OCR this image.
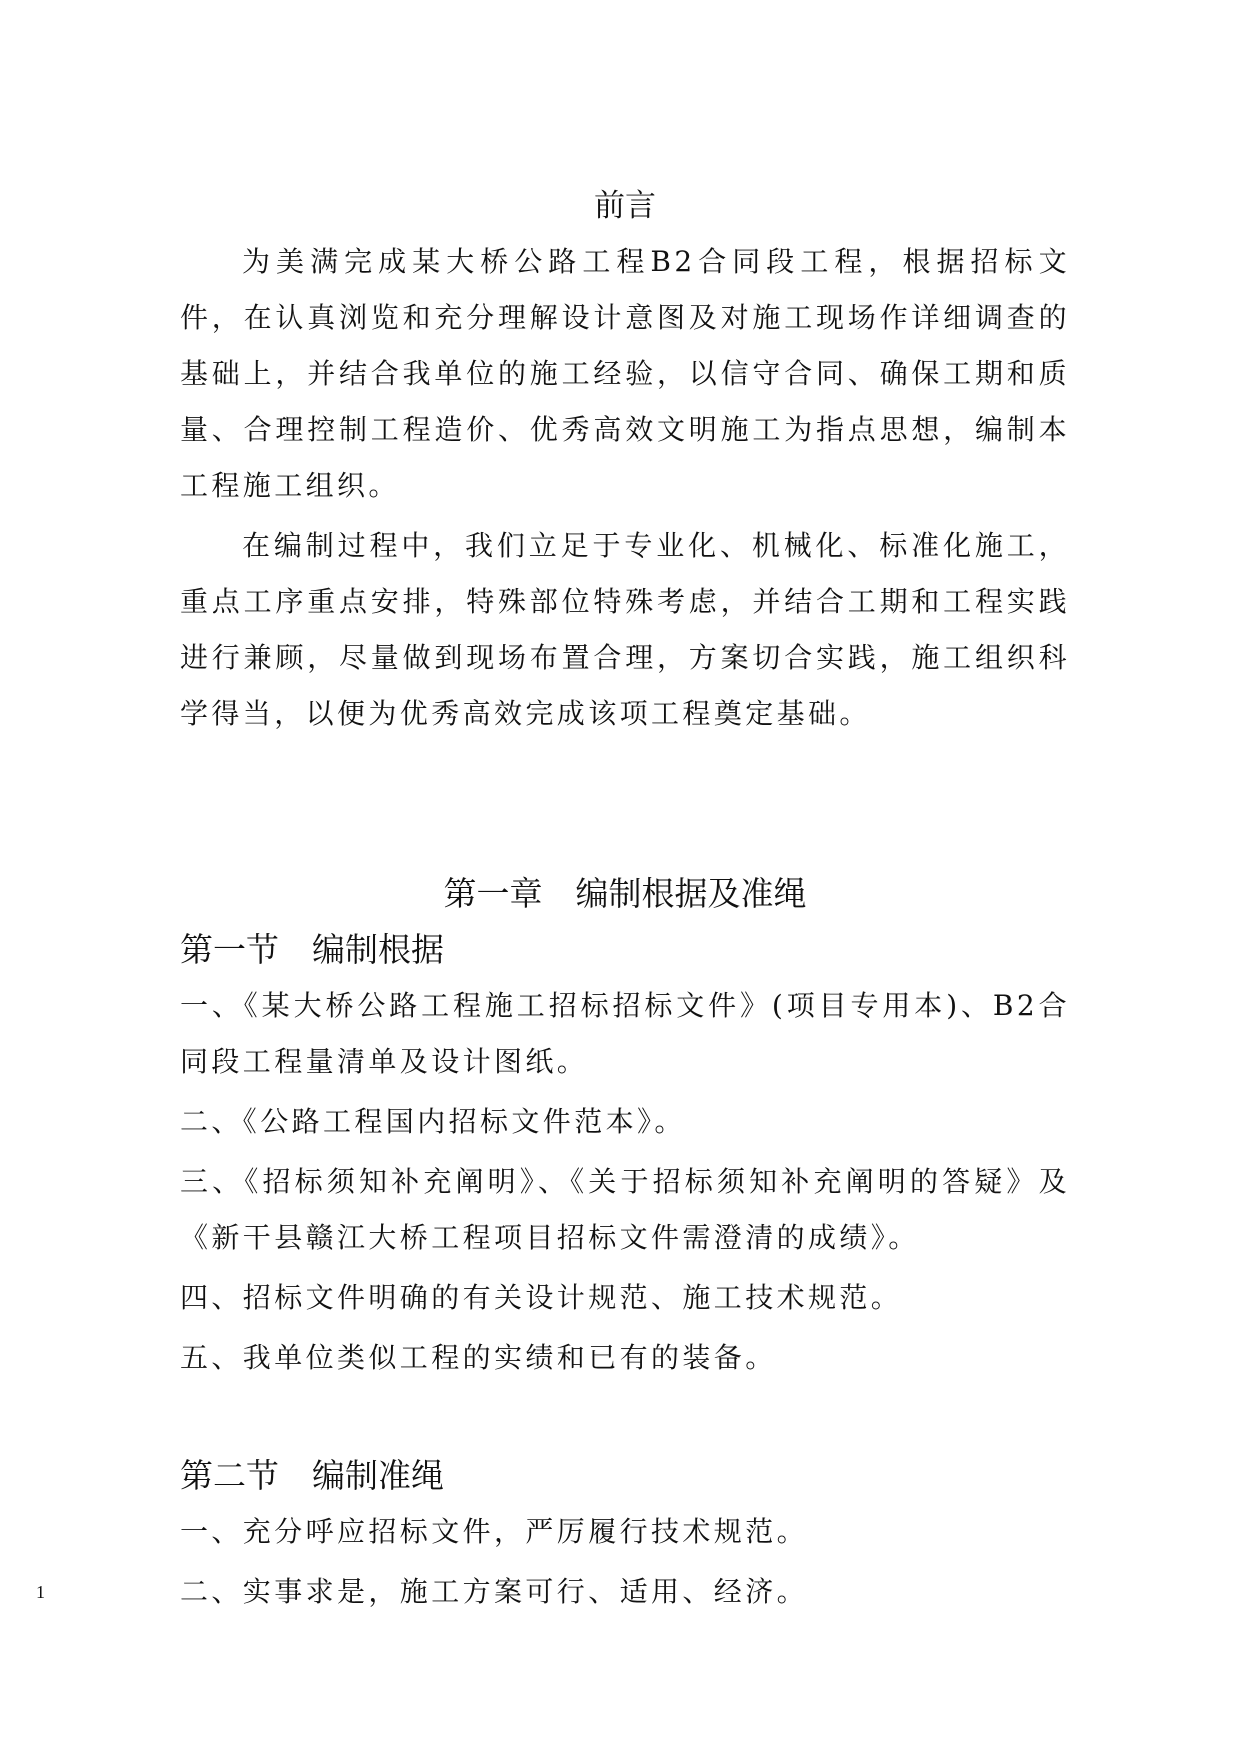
前言

为美满完成某大桥公路工程B2合同段工程，根据招标文件，在认真浏览和充分理解设计意图及对施工现场作详细调查的基础上，并结合我单位的施工经验，以信守合同、确保工期和质量、合理控制工程造价、优秀高效文明施工为指点思想，编制本工程施工组织。

在编制过程中，我们立足于专业化、机械化、标准化施工，重点工序重点安排，特殊部位特殊考虑，并结合工期和工程实践进行兼顾，尽量做到现场布置合理，方案切合实践，施工组织科学得当，以便为优秀高效完成该项工程奠定基础。

第一章　编制根据及准绳
第一节　编制根据

一、《某大桥公路工程施工招标招标文件》(项目专用本)、B2合同段工程量清单及设计图纸。

二、《公路工程国内招标文件范本》。

三、《招标须知补充阐明》、《关于招标须知补充阐明的答疑》及《新干县赣江大桥工程项目招标文件需澄清的成绩》。

四、招标文件明确的有关设计规范、施工技术规范。

五、我单位类似工程的实绩和已有的装备。

第二节　编制准绳

一、充分呼应招标文件，严厉履行技术规范。

二、实事求是，施工方案可行、适用、经济。

1
